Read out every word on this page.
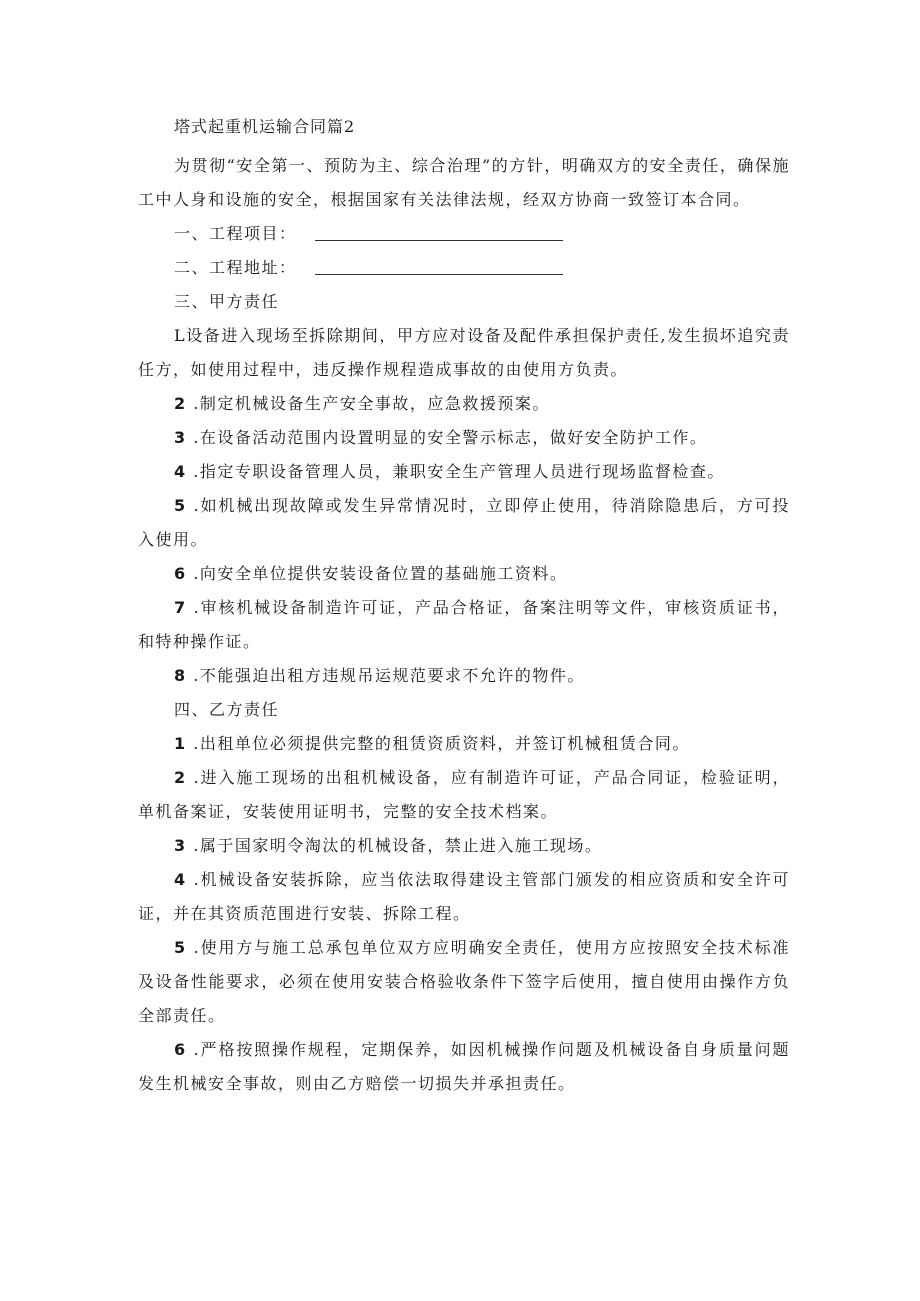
塔式起重机运输合同篇2

为贯彻“安全第一、预防为主、综合治理”的方针，明确双方的安全责任，确保施工中人身和设施的安全，根据国家有关法律法规，经双方协商一致签订本合同。

一、工程项目：
二、工程地址：

三、甲方责任

L设备进入现场至拆除期间，甲方应对设备及配件承担保护责任,发生损坏追究责任方，如使用过程中，违反操作规程造成事故的由使用方负责。

2 .制定机械设备生产安全事故，应急救援预案。

3 .在设备活动范围内设置明显的安全警示标志，做好安全防护工作。

4 .指定专职设备管理人员，兼职安全生产管理人员进行现场监督检查。

5 .如机械出现故障或发生异常情况时，立即停止使用，待消除隐患后，方可投入使用。

6 .向安全单位提供安装设备位置的基础施工资料。

7 .审核机械设备制造许可证，产品合格证，备案注明等文件，审核资质证书，和特种操作证。

8 .不能强迫出租方违规吊运规范要求不允许的物件。

四、乙方责任

1 .出租单位必须提供完整的租赁资质资料，并签订机械租赁合同。

2 .进入施工现场的出租机械设备，应有制造许可证，产品合同证，检验证明，单机备案证，安装使用证明书，完整的安全技术档案。

3 .属于国家明令淘汰的机械设备，禁止进入施工现场。

4 .机械设备安装拆除，应当依法取得建设主管部门颁发的相应资质和安全许可证，并在其资质范围进行安装、拆除工程。

5 .使用方与施工总承包单位双方应明确安全责任，使用方应按照安全技术标准及设备性能要求，必须在使用安装合格验收条件下签字后使用，擅自使用由操作方负全部责任。

6 .严格按照操作规程，定期保养，如因机械操作问题及机械设备自身质量问题发生机械安全事故，则由乙方赔偿一切损失并承担责任。
